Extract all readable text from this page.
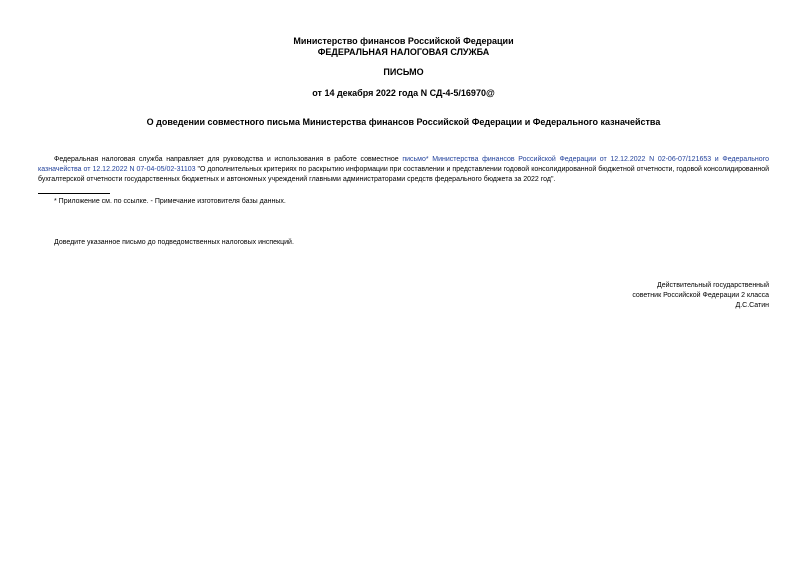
Министерство финансов Российской Федерации
ФЕДЕРАЛЬНАЯ НАЛОГОВАЯ СЛУЖБА
ПИСЬМО
от 14 декабря 2022 года N СД-4-5/16970@
О доведении совместного письма Министерства финансов Российской Федерации и Федерального казначейства
Федеральная налоговая служба направляет для руководства и использования в работе совместное письмо* Министерства финансов Российской Федерации от 12.12.2022 N 02-06-07/121653 и Федерального казначейства от 12.12.2022 N 07-04-05/02-31103 "О дополнительных критериях по раскрытию информации при составлении и представлении годовой консолидированной бюджетной отчетности, годовой консолидированной бухгалтерской отчетности государственных бюджетных и автономных учреждений главными администраторами средств федерального бюджета за 2022 год".
* Приложение см. по ссылке. - Примечание изготовителя базы данных.
Доведите указанное письмо до подведомственных налоговых инспекций.
Действительный государственный
советник Российской Федерации 2 класса
Д.С.Сатин
